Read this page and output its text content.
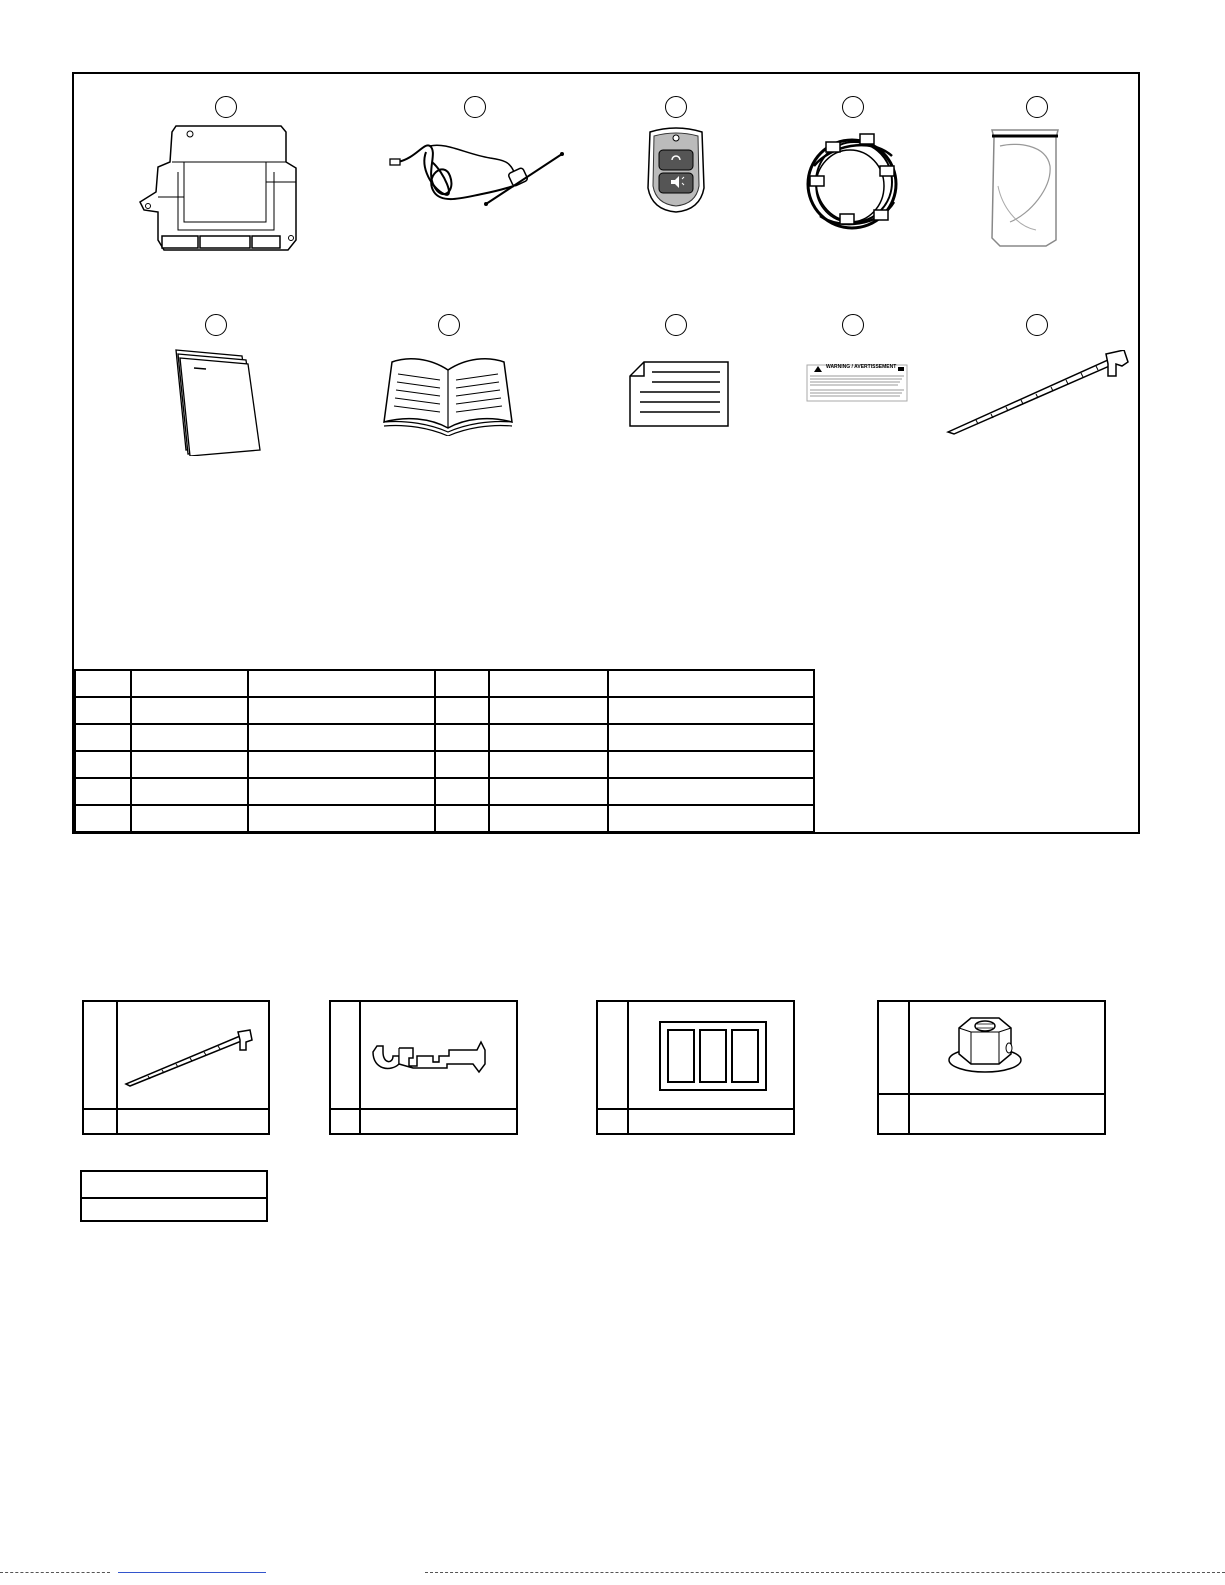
WARNING / AVERTISSEMENT
